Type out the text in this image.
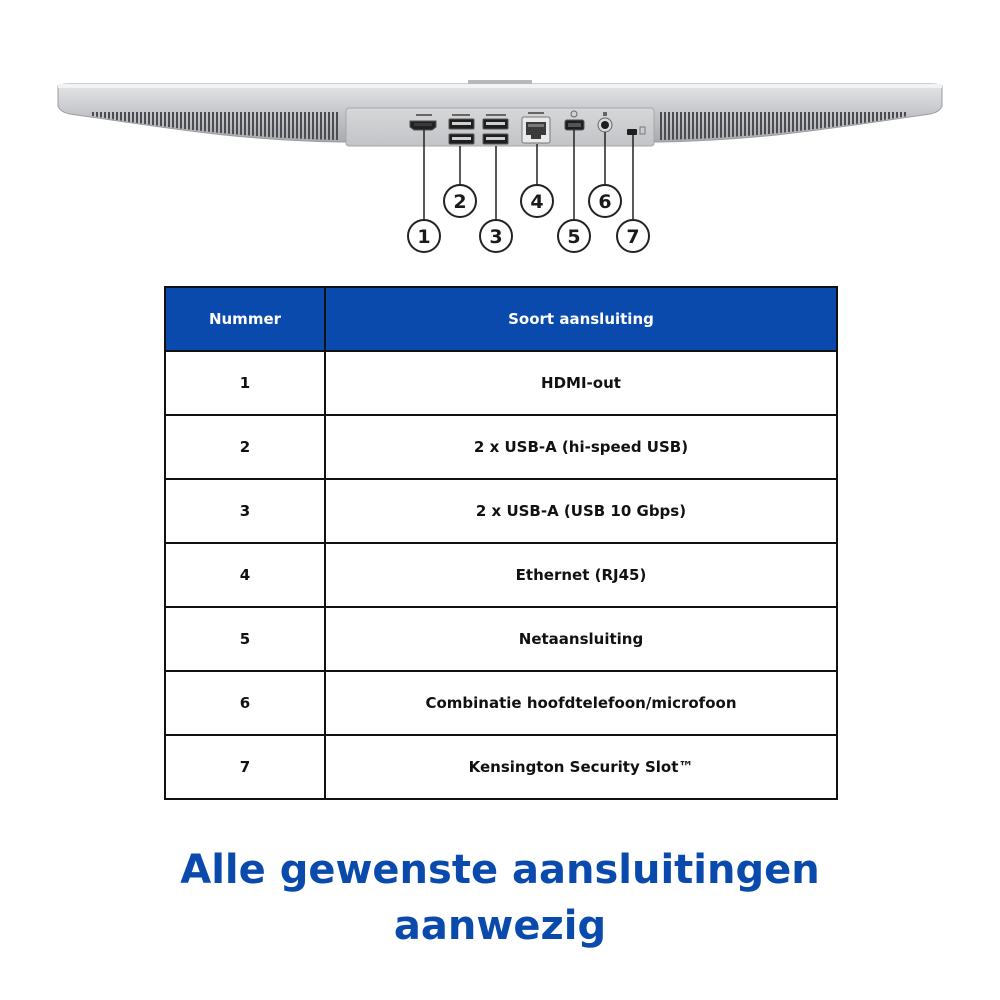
1
2
3
4
5
6
7
Nummer	Soort aansluiting
1	HDMI-out
2	2 x USB-A (hi-speed USB)
3	2 x USB-A (USB 10 Gbps)
4	Ethernet (RJ45)
5	Netaansluiting
6	Combinatie hoofdtelefoon/microfoon
7	Kensington Security Slot™
Alle gewenste aansluitingen
aanwezig
